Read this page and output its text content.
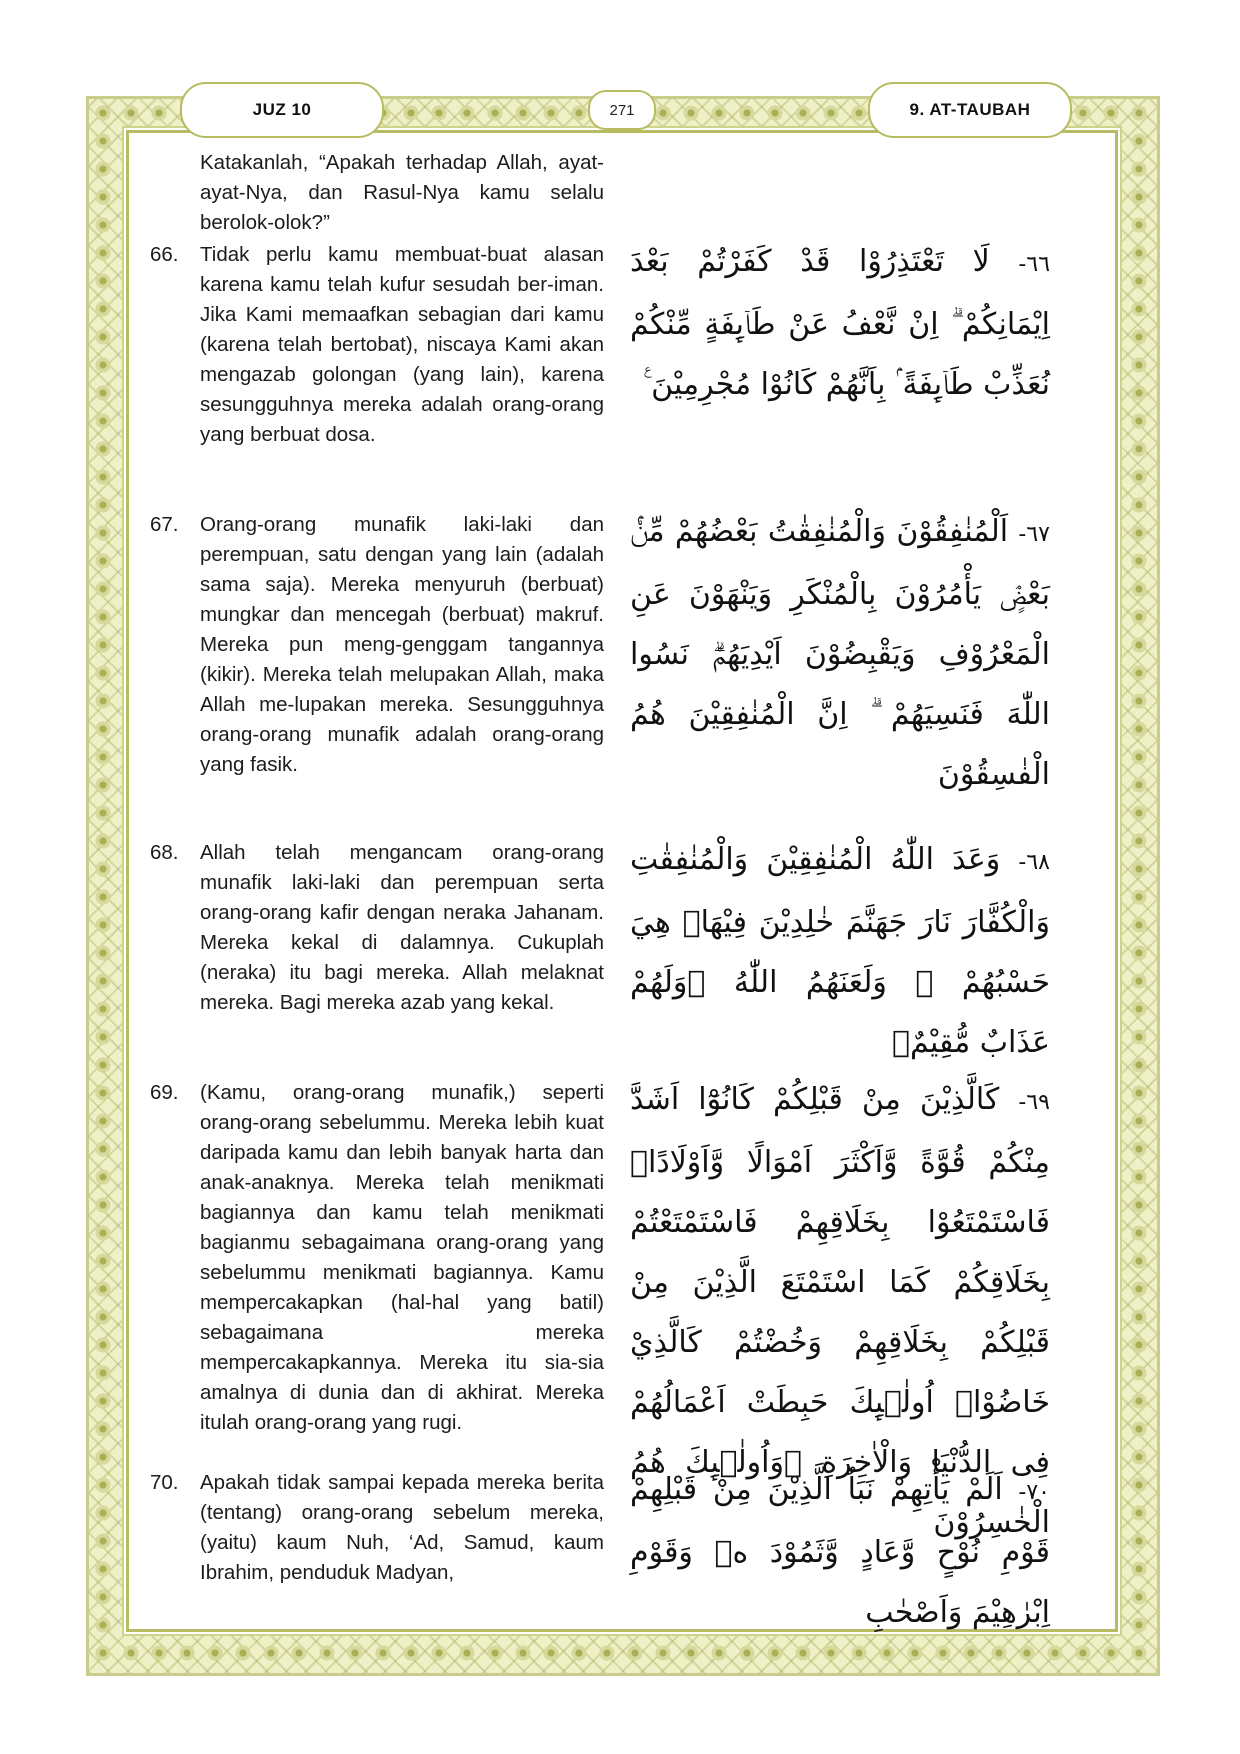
JUZ 10	271	9. AT-TAUBAH
Katakanlah, “Apakah terhadap Allah, ayat-ayat-Nya, dan Rasul-Nya kamu selalu berolok-olok?”
66.	Tidak perlu kamu membuat-buat alasan karena kamu telah kufur sesudah ber-iman. Jika Kami memaafkan sebagian dari kamu (karena telah bertobat), niscaya Kami akan mengazab golongan (yang lain), karena sesungguhnya mereka adalah orang-orang yang berbuat dosa.
٦٦- لَا تَعْتَذِرُوْا قَدْ كَفَرْتُمْ بَعْدَ اِيْمَانِكُمْ ۗ اِنْ نَّعْفُ عَنْ طَاۤىِٕفَةٍ مِّنْكُمْ نُعَذِّبْ طَاۤىِٕفَةً ۢ بِاَنَّهُمْ كَانُوْا مُجْرِمِيْنَ ࣖ
67.	Orang-orang munafik laki-laki dan perempuan, satu dengan yang lain (adalah sama saja). Mereka menyuruh (berbuat) mungkar dan mencegah (berbuat) makruf. Mereka pun meng-genggam tangannya (kikir). Mereka telah melupakan Allah, maka Allah me-lupakan mereka. Sesungguhnya orang-orang munafik adalah orang-orang yang fasik.
٦٧- اَلْمُنٰفِقُوْنَ وَالْمُنٰفِقٰتُ بَعْضُهُمْ مِّنْۢ بَعْضٍۘ يَأْمُرُوْنَ بِالْمُنْكَرِ وَيَنْهَوْنَ عَنِ الْمَعْرُوْفِ وَيَقْبِضُوْنَ اَيْدِيَهُمْۗ نَسُوا اللّٰهَ فَنَسِيَهُمْ ۗ اِنَّ الْمُنٰفِقِيْنَ هُمُ الْفٰسِقُوْنَ
68.	Allah telah mengancam orang-orang munafik laki-laki dan perempuan serta orang-orang kafir dengan neraka Jahanam. Mereka kekal di dalamnya. Cukuplah (neraka) itu bagi mereka. Allah melaknat mereka. Bagi mereka azab yang kekal.
٦٨- وَعَدَ اللّٰهُ الْمُنٰفِقِيْنَ وَالْمُنٰفِقٰتِ وَالْكُفَّارَ نَارَ جَهَنَّمَ خٰلِدِيْنَ فِيْهَاۗ هِيَ حَسْبُهُمْ ۚ وَلَعَنَهُمُ اللّٰهُ ۚوَلَهُمْ عَذَابٌ مُّقِيْمٌۙ
69.	(Kamu, orang-orang munafik,) seperti orang-orang sebelummu. Mereka lebih kuat daripada kamu dan lebih banyak harta dan anak-anaknya. Mereka telah menikmati bagiannya dan kamu telah menikmati bagianmu sebagaimana orang-orang yang sebelummu menikmati bagiannya. Kamu mempercakapkan (hal-hal yang batil) sebagaimana mereka mempercakapkannya. Mereka itu sia-sia amalnya di dunia dan di akhirat. Mereka itulah orang-orang yang rugi.
٦٩- كَالَّذِيْنَ مِنْ قَبْلِكُمْ كَانُوْٓا اَشَدَّ مِنْكُمْ قُوَّةً وَّاَكْثَرَ اَمْوَالًا وَّاَوْلَادًاۗ فَاسْتَمْتَعُوْا بِخَلَاقِهِمْ فَاسْتَمْتَعْتُمْ بِخَلَاقِكُمْ كَمَا اسْتَمْتَعَ الَّذِيْنَ مِنْ قَبْلِكُمْ بِخَلَاقِهِمْ وَخُضْتُمْ كَالَّذِيْ خَاضُوْاۗ اُولٰۤىِٕكَ حَبِطَتْ اَعْمَالُهُمْ فِى الدُّنْيَا وَالْاٰخِرَةِ ۚوَاُولٰۤىِٕكَ هُمُ الْخٰسِرُوْنَ
70.	Apakah tidak sampai kepada mereka berita (tentang) orang-orang sebelum mereka, (yaitu) kaum Nuh, ‘Ad, Samud, kaum Ibrahim, penduduk Madyan,
٧٠- اَلَمْ يَأْتِهِمْ نَبَاُ الَّذِيْنَ مِنْ قَبْلِهِمْ قَوْمِ نُوْحٍ وَّعَادٍ وَّثَمُوْدَ ەۙ وَقَوْمِ اِبْرٰهِيْمَ وَاَصْحٰبِ
